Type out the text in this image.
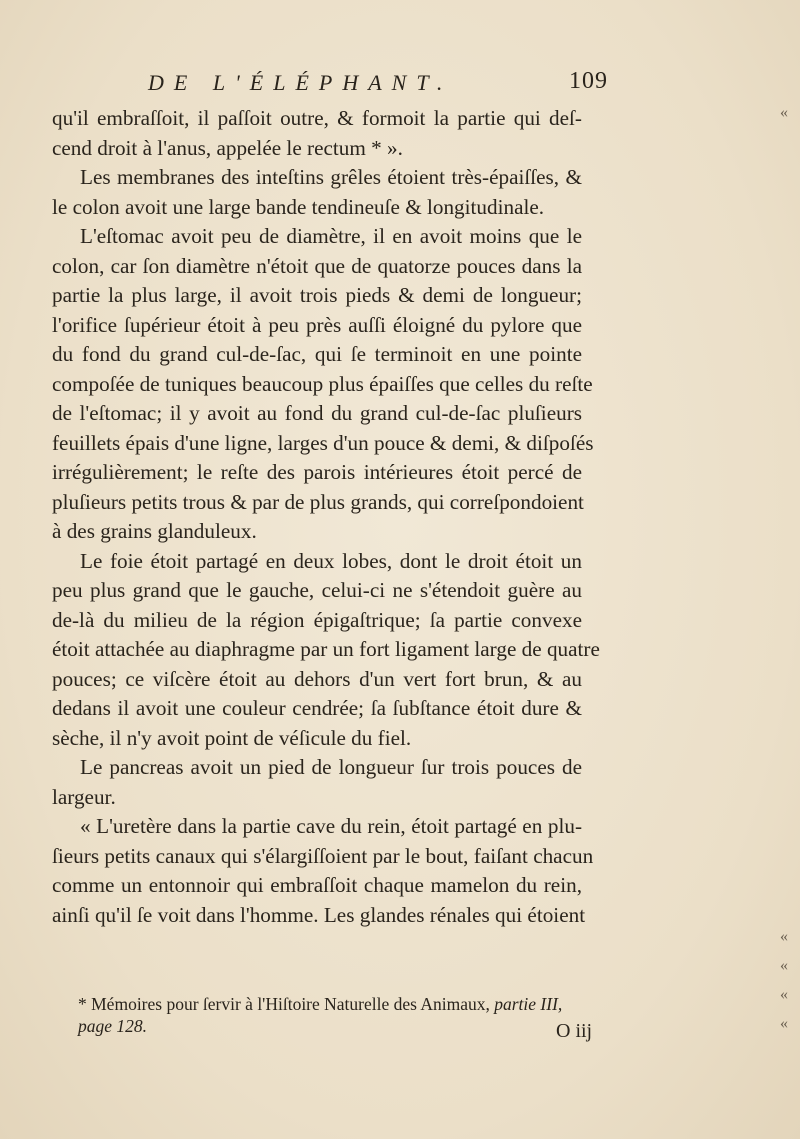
DE L'ÉLÉPHANT.	109
qu'il embraſſoit, il paſſoit outre, & formoit la partie qui deſ-
cend droit à l'anus, appelée le rectum * ».
Les membranes des inteſtins grêles étoient très-épaiſſes, &
le colon avoit une large bande tendineuſe & longitudinale.
L'eſtomac avoit peu de diamètre, il en avoit moins que le
colon, car ſon diamètre n'étoit que de quatorze pouces dans la
partie la plus large, il avoit trois pieds & demi de longueur;
l'orifice ſupérieur étoit à peu près auſſi éloigné du pylore que
du fond du grand cul-de-ſac, qui ſe terminoit en une pointe
compoſée de tuniques beaucoup plus épaiſſes que celles du reſte
de l'eſtomac; il y avoit au fond du grand cul-de-ſac pluſieurs
feuillets épais d'une ligne, larges d'un pouce & demi, & diſpoſés
irrégulièrement; le reſte des parois intérieures étoit percé de
pluſieurs petits trous & par de plus grands, qui correſpondoient
à des grains glanduleux.
Le foie étoit partagé en deux lobes, dont le droit étoit un
peu plus grand que le gauche, celui-ci ne s'étendoit guère au
de-là du milieu de la région épigaſtrique; ſa partie convexe
étoit attachée au diaphragme par un fort ligament large de quatre
pouces; ce viſcère étoit au dehors d'un vert fort brun, & au
dedans il avoit une couleur cendrée; ſa ſubſtance étoit dure &
sèche, il n'y avoit point de véſicule du fiel.
Le pancreas avoit un pied de longueur ſur trois pouces de
largeur.
« L'uretère dans la partie cave du rein, étoit partagé en plu-
ſieurs petits canaux qui s'élargiſſoient par le bout, faiſant chacun
comme un entonnoir qui embraſſoit chaque mamelon du rein,
ainſi qu'il ſe voit dans l'homme. Les glandes rénales qui étoient
«
«
«
«
«
* Mémoires pour ſervir à l'Hiſtoire Naturelle des Animaux, partie III,
page 128.	O iij
